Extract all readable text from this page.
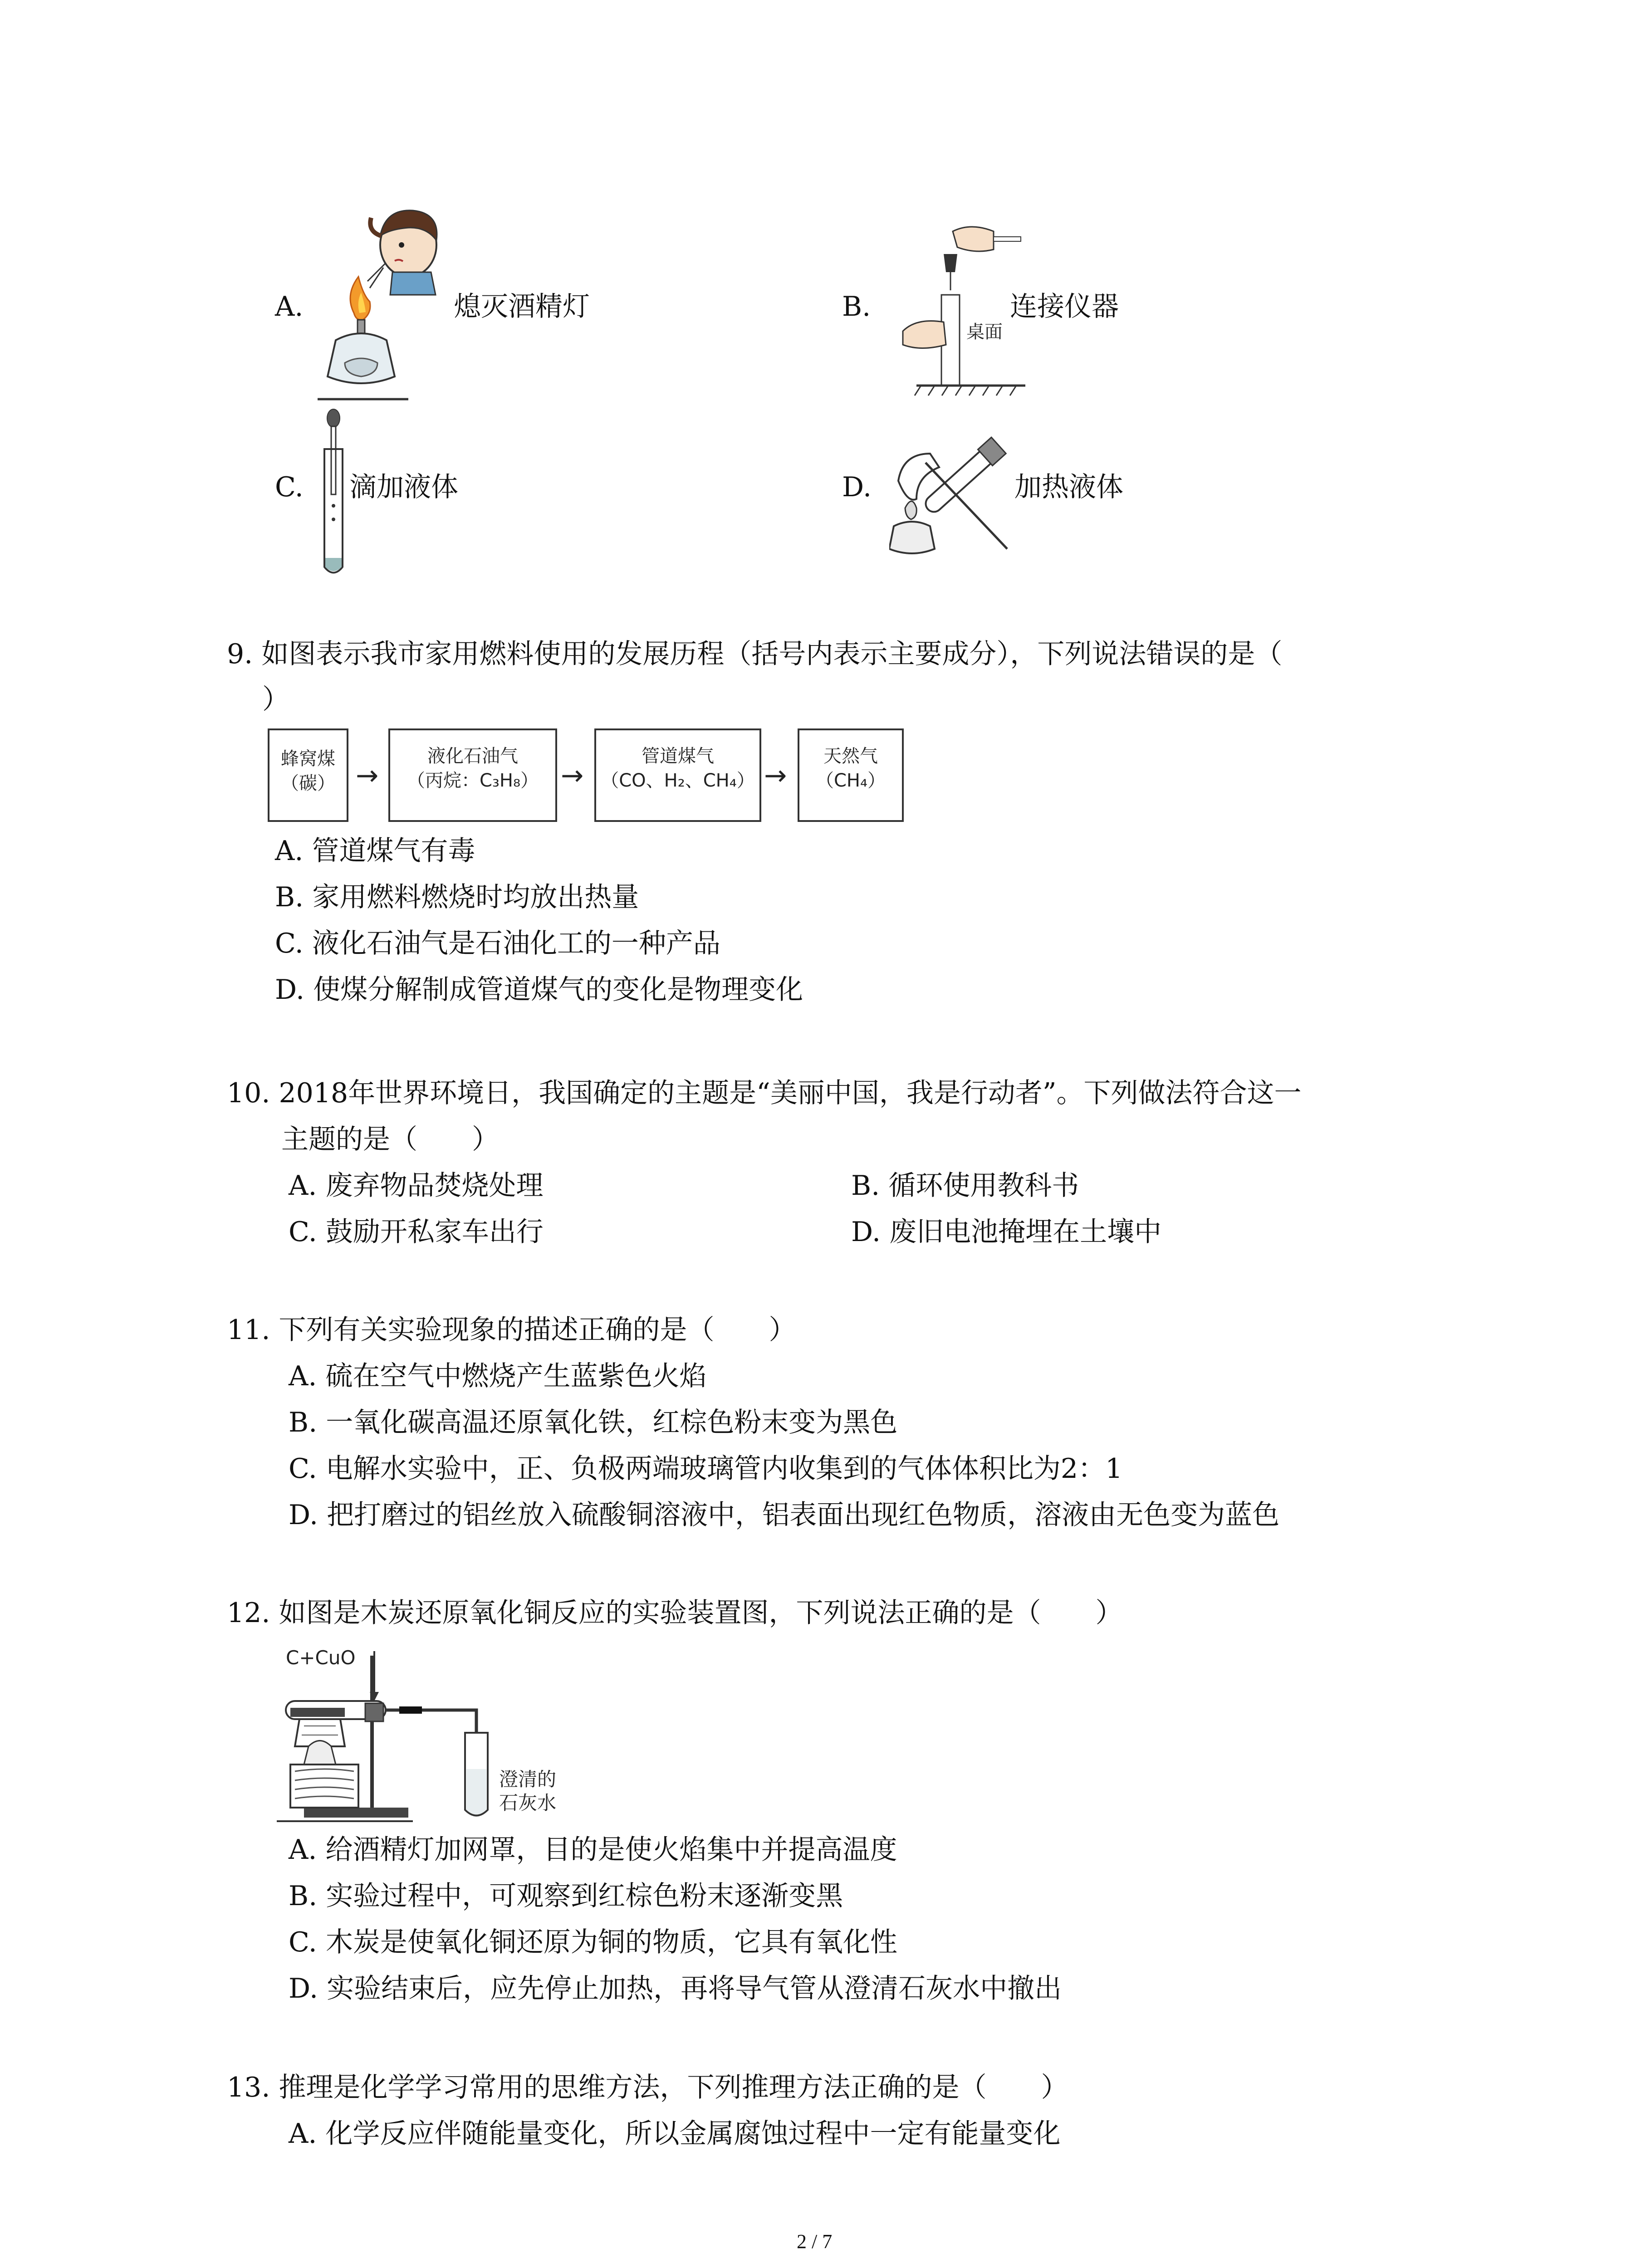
A.	熄灭酒精灯	B.
桌面
连接仪器
C. 滴加液体	D.	加热液体
9. 如图表示我市家用燃料使用的发展历程（括号内表示主要成分），下列说法错误的是（
）
蜂窝煤
（碳） →
液化石油气
（丙烷：C₃H₈） →
管道煤气
（CO、H₂、CH₄） →
天然气
（CH₄）
A. 管道煤气有毒
B. 家用燃料燃烧时均放出热量
C. 液化石油气是石油化工的一种产品
D. 使煤分解制成管道煤气的变化是物理变化
10. 2018年世界环境日，我国确定的主题是“美丽中国，我是行动者”。下列做法符合这一
主题的是（　　）
A. 废弃物品焚烧处理	B. 循环使用教科书
C. 鼓励开私家车出行	D. 废旧电池掩埋在土壤中
11. 下列有关实验现象的描述正确的是（　　）
A. 硫在空气中燃烧产生蓝紫色火焰
B. 一氧化碳高温还原氧化铁，红棕色粉末变为黑色
C. 电解水实验中，正、负极两端玻璃管内收集到的气体体积比为2：1
D. 把打磨过的铝丝放入硫酸铜溶液中，铝表面出现红色物质，溶液由无色变为蓝色
12. 如图是木炭还原氧化铜反应的实验装置图，下列说法正确的是（　　）
C+CuO
澄清的
石灰水
A. 给酒精灯加网罩，目的是使火焰集中并提高温度
B. 实验过程中，可观察到红棕色粉末逐渐变黑
C. 木炭是使氧化铜还原为铜的物质，它具有氧化性
D. 实验结束后，应先停止加热，再将导气管从澄清石灰水中撤出
13. 推理是化学学习常用的思维方法，下列推理方法正确的是（　　）
A. 化学反应伴随能量变化，所以金属腐蚀过程中一定有能量变化
2 / 7
